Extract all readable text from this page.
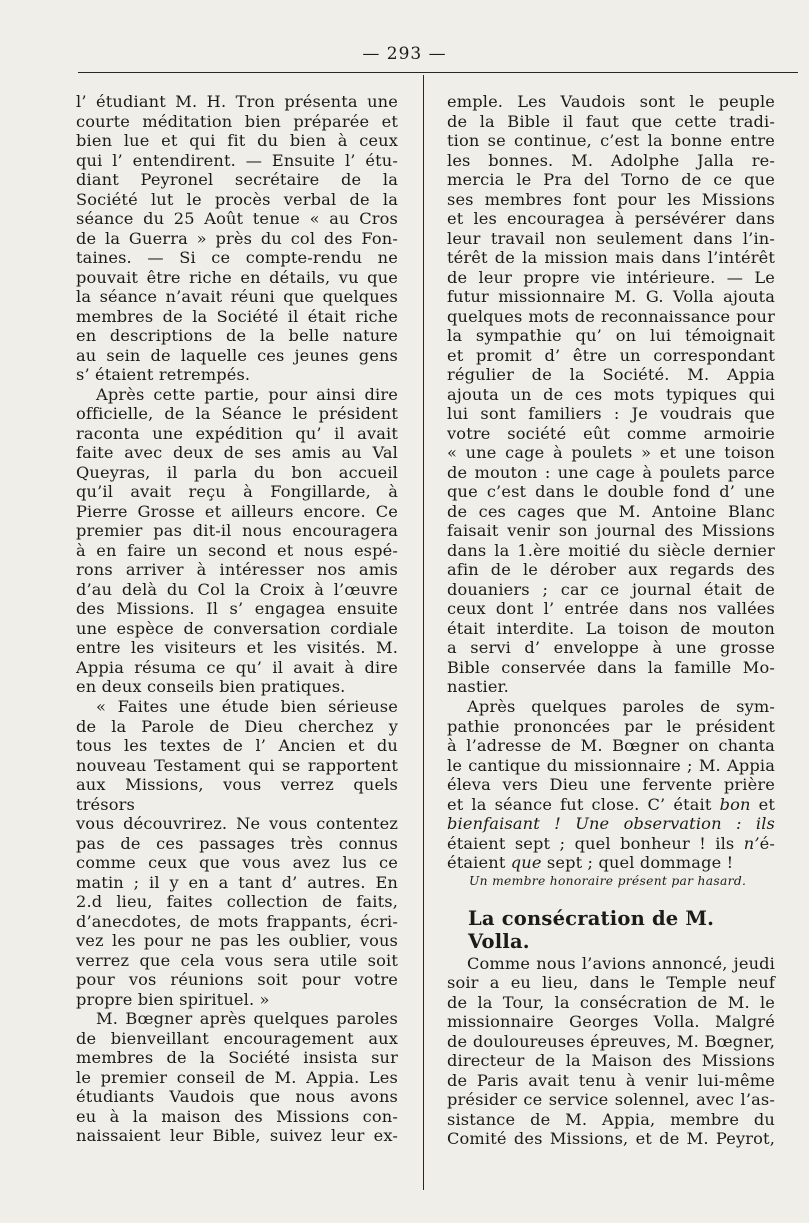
— 293 —

l’ étudiant M. H. Tron présenta une

courte méditation bien préparée et

bien lue et qui fit du bien à ceux

qui l’ entendirent. — Ensuite l’ étu-

diant Peyronel secrétaire de la

Société lut le procès verbal de la

séance du 25 Août tenue « au Cros

de la Guerra » près du col des Fon-

taines. — Si ce compte-rendu ne

pouvait être riche en détails, vu que

la séance n’avait réuni que quelques

membres de la Société il était riche

en descriptions de la belle nature

au sein de laquelle ces jeunes gens

s’ étaient retrempés.

Après cette partie, pour ainsi dire

officielle, de la Séance le président

raconta une expédition qu’ il avait

faite avec deux de ses amis au Val

Queyras, il parla du bon accueil

qu’il avait reçu à Fongillarde, à

Pierre Grosse et ailleurs encore. Ce

premier pas dit-il nous encouragera

à en faire un second et nous espé-

rons arriver à intéresser nos amis

d’au delà du Col la Croix à l’œuvre

des Missions. Il s’ engagea ensuite

une espèce de conversation cordiale

entre les visiteurs et les visités. M.

Appia résuma ce qu’ il avait à dire

en deux conseils bien pratiques.

« Faites une étude bien sérieuse

de la Parole de Dieu cherchez y

tous les textes de l’ Ancien et du

nouveau Testament qui se rapportent

aux Missions, vous verrez quels trésors

vous découvrirez. Ne vous contentez

pas de ces passages très connus

comme ceux que vous avez lus ce

matin ; il y en a tant d’ autres. En

2.d lieu, faites collection de faits,

d’anecdotes, de mots frappants, écri-

vez les pour ne pas les oublier, vous

verrez que cela vous sera utile soit

pour vos réunions soit pour votre

propre bien spirituel. »

M. Bœgner après quelques paroles

de bienveillant encouragement aux

membres de la Société insista sur

le premier conseil de M. Appia. Les

étudiants Vaudois que nous avons

eu à la maison des Missions con-

naissaient leur Bible, suivez leur ex-

emple. Les Vaudois sont le peuple

de la Bible il faut que cette tradi-

tion se continue, c’est la bonne entre

les bonnes. M. Adolphe Jalla re-

mercia le Pra del Torno de ce que

ses membres font pour les Missions

et les encouragea à persévérer dans

leur travail non seulement dans l’in-

térêt de la mission mais dans l’intérêt

de leur propre vie intérieure. — Le

futur missionnaire M. G. Volla ajouta

quelques mots de reconnaissance pour

la sympathie qu’ on lui témoignait

et promit d’ être un correspondant

régulier de la Société. M. Appia

ajouta un de ces mots typiques qui

lui sont familiers : Je voudrais que

votre société eût comme armoirie

« une cage à poulets » et une toison

de mouton : une cage à poulets parce

que c’est dans le double fond d’ une

de ces cages que M. Antoine Blanc

faisait venir son journal des Missions

dans la 1.ère moitié du siècle dernier

afin de le dérober aux regards des

douaniers ; car ce journal était de

ceux dont l’ entrée dans nos vallées

était interdite. La toison de mouton

a servi d’ enveloppe à une grosse

Bible conservée dans la famille Mo-

nastier.

Après quelques paroles de sym-

pathie prononcées par le président

à l’adresse de M. Bœgner on chanta

le cantique du missionnaire ; M. Appia

éleva vers Dieu une fervente prière

et la séance fut close. C’ était bon et

bienfaisant ! Une observation : ils

étaient sept ; quel bonheur ! ils n’é-

étaient que sept ; quel dommage !

Un membre honoraire présent par hasard.

La consécration de M. Volla.

Comme nous l’avions annoncé, jeudi

soir a eu lieu, dans le Temple neuf

de la Tour, la consécration de M. le

missionnaire Georges Volla. Malgré

de douloureuses épreuves, M. Bœgner,

directeur de la Maison des Missions

de Paris avait tenu à venir lui-même

présider ce service solennel, avec l’as-

sistance de M. Appia, membre du

Comité des Missions, et de M. Peyrot,
